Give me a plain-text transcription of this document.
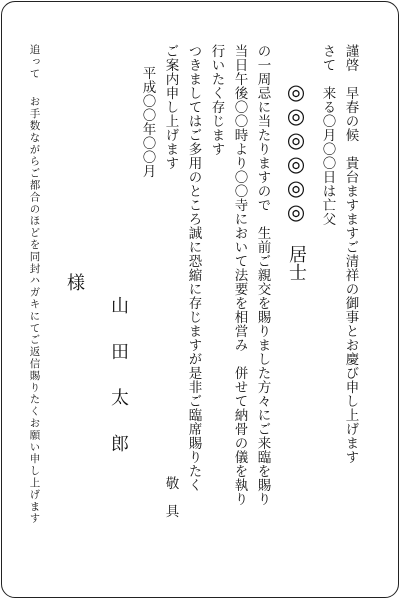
謹啓　早春の候　貴台ますますご清祥の御事とお慶び申し上げます
さて　来る〇月〇〇日は亡父
◎◎◎◎◎◎
居士
の一周忌に当たりますので　生前ご親交を賜りました方々にご来臨を賜り
当日午後〇〇時より〇〇寺において法要を相営み　併せて納骨の儀を執り
行いたく存じます
つきましてはご多用のところ誠に恐縮に存じますが是非ご臨席賜りたく
ご案内申し上げます
敬　具
平成〇〇年〇〇月
山田太郎
様
追って
お手数ながらご都合のほどを同封ハガキにてご返信賜りたくお願い申し上げます
